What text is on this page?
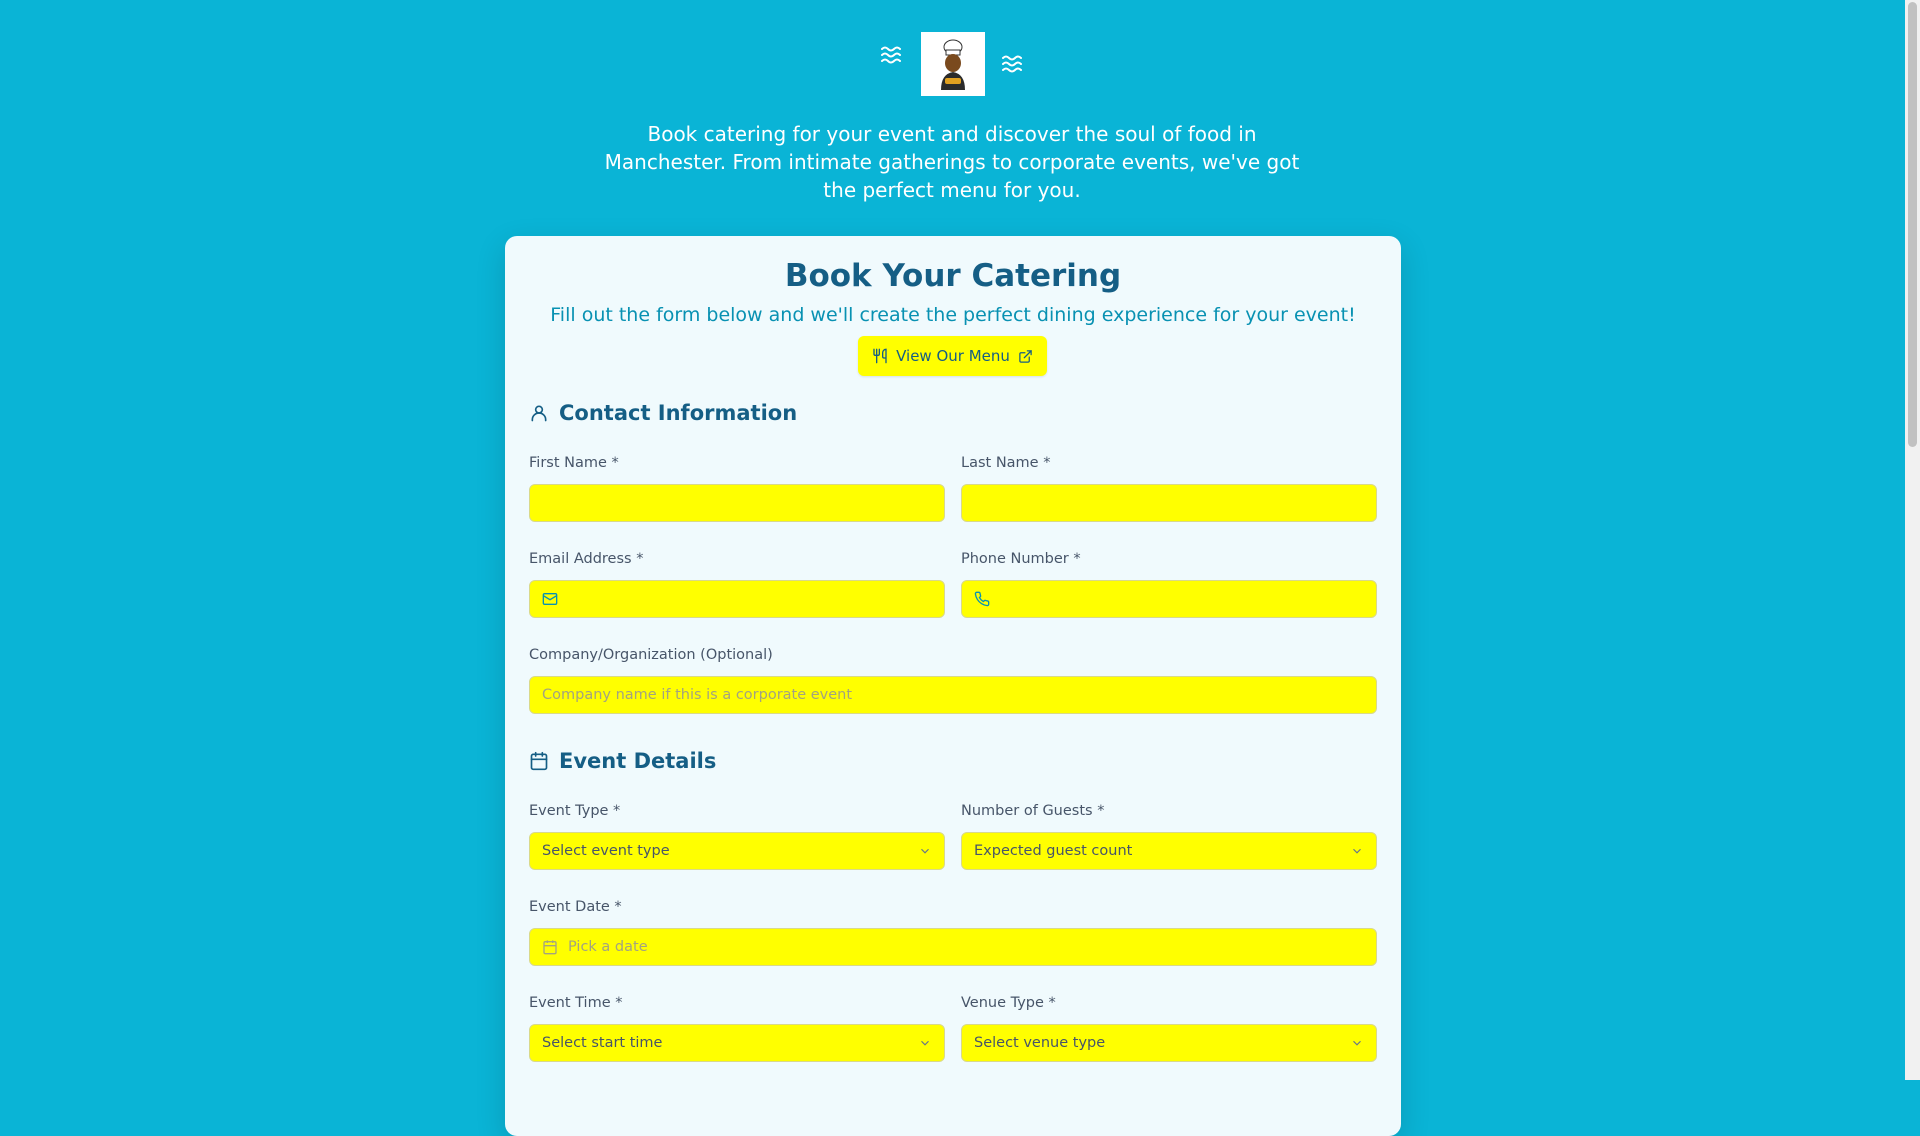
Book catering for your event and discover the soul of food in Manchester. From intimate gatherings to corporate events, we've got the perfect menu for you.
Book Your Catering
Fill out the form below and we'll create the perfect dining experience for your event!
View Our Menu
Contact Information
First Name *	Last Name *
Email Address *	Phone Number *
Company/Organization (Optional)
Company name if this is a corporate event
Event Details
Event Type *
Select event type
Number of Guests *
Expected guest count
Event Date *
Pick a date
Event Time *
Select start time
Venue Type *
Select venue type
